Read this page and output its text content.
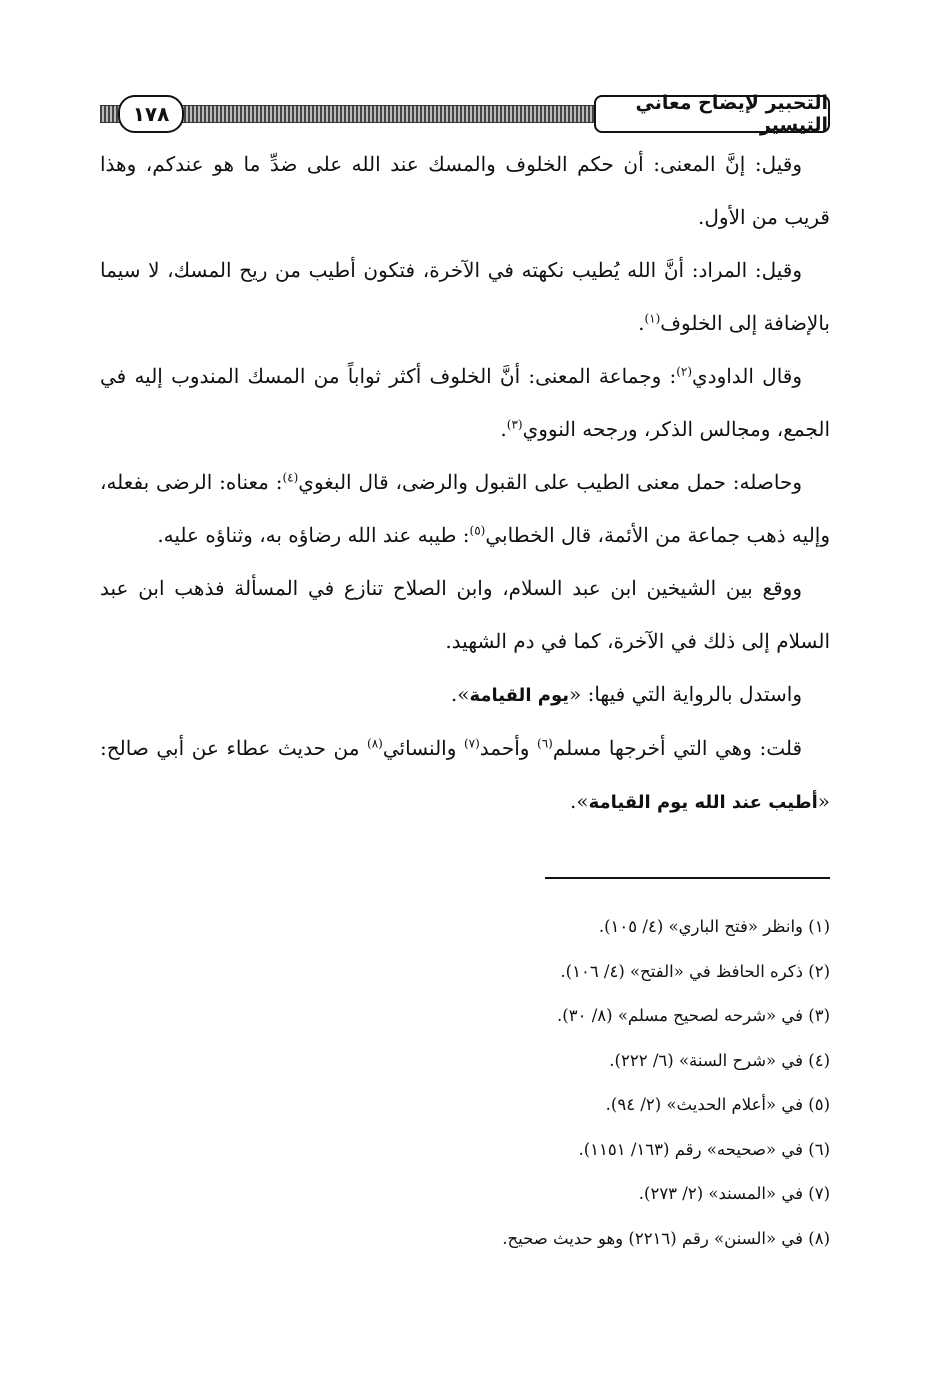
التحبير لإيضاح معاني التيسير
١٧٨

وقيل: إنَّ المعنى: أن حكم الخلوف والمسك عند الله على ضدِّ ما هو عندكم، وهذا قريب من الأول.

وقيل: المراد: أنَّ الله يُطيب نكهته في الآخرة، فتكون أطيب من ريح المسك، لا سيما بالإضافة إلى الخلوف$^{(١)}$.

وقال الداودي$^{(٢)}$: وجماعة المعنى: أنَّ الخلوف أكثر ثواباً من المسك المندوب إليه في الجمع، ومجالس الذكر، ورجحه النووي$^{(٣)}$.

وحاصله: حمل معنى الطيب على القبول والرضى، قال البغوي$^{(٤)}$: معناه: الرضى بفعله، وإليه ذهب جماعة من الأئمة، قال الخطابي$^{(٥)}$: طيبه عند الله رضاؤه به، وثناؤه عليه.

ووقع بين الشيخين ابن عبد السلام، وابن الصلاح تنازع في المسألة فذهب ابن عبد السلام إلى ذلك في الآخرة، كما في دم الشهيد.

واستدل بالرواية التي فيها: «يوم القيامة».

قلت: وهي التي أخرجها مسلم$^{(٦)}$ وأحمد$^{(٧)}$ والنسائي$^{(٨)}$ من حديث عطاء عن أبي صالح: «أطيب عند الله يوم القيامة».

(١) وانظر «فتح الباري» (٤/ ١٠٥).
(٢) ذكره الحافظ في «الفتح» (٤/ ١٠٦).
(٣) في «شرحه لصحيح مسلم» (٨/ ٣٠).
(٤) في «شرح السنة» (٦/ ٢٢٢).
(٥) في «أعلام الحديث» (٢/ ٩٤).
(٦) في «صحيحه» رقم (١٦٣/ ١١٥١).
(٧) في «المسند» (٢/ ٢٧٣).
(٨) في «السنن» رقم (٢٢١٦) وهو حديث صحيح.
